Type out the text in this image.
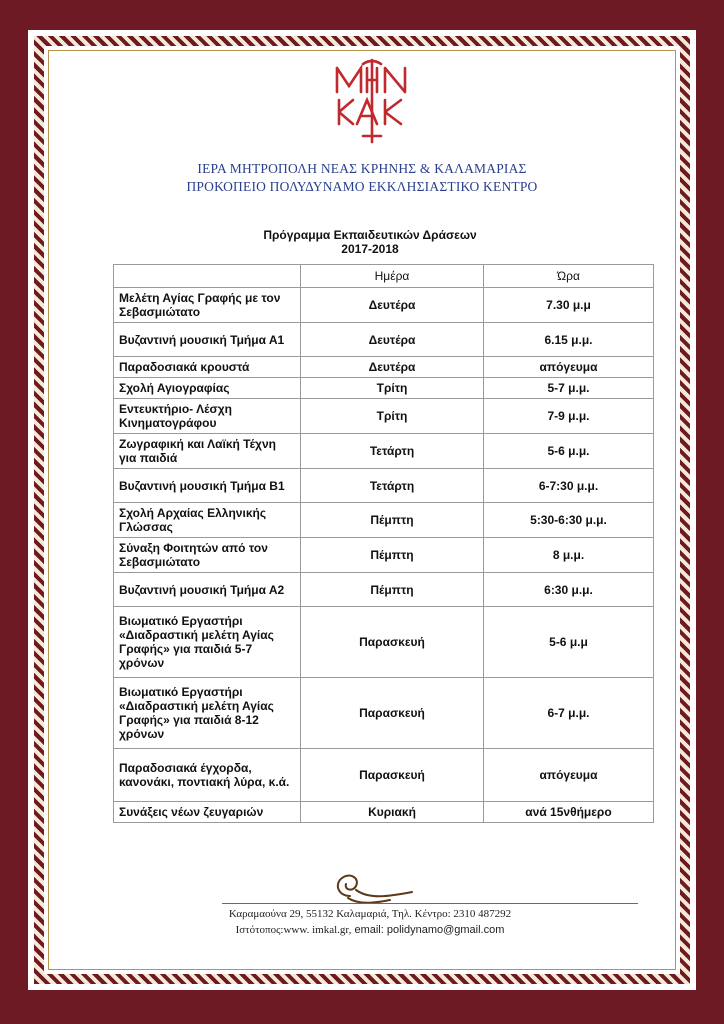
ΙΕΡΑ ΜΗΤΡΟΠΟΛΗ ΝΕΑΣ ΚΡΗΝΗΣ & ΚΑΛΑΜΑΡΙΑΣ
ΠΡΟΚΟΠΕΙΟ ΠΟΛΥΔΥΝΑΜΟ ΕΚΚΛΗΣΙΑΣΤΙΚΟ ΚΕΝΤΡΟ
Πρόγραμμα Εκπαιδευτικών Δράσεων
2017-2018
	Ημέρα	Ώρα
Μελέτη Αγίας Γραφής με τον Σεβασμιώτατο	Δευτέρα	7.30 μ.μ
Βυζαντινή μουσική Τμήμα Α1	Δευτέρα	6.15 μ.μ.
Παραδοσιακά κρουστά	Δευτέρα	απόγευμα
Σχολή Αγιογραφίας	Τρίτη	5-7 μ.μ.
Εντευκτήριο- Λέσχη Κινηματογράφου	Τρίτη	7-9 μ.μ.
Ζωγραφική και Λαϊκή Τέχνη για παιδιά	Τετάρτη	5-6 μ.μ.
Βυζαντινή μουσική Τμήμα Β1	Τετάρτη	6-7:30 μ.μ.
Σχολή Αρχαίας Ελληνικής Γλώσσας	Πέμπτη	5:30-6:30 μ.μ.
Σύναξη Φοιτητών από τον Σεβασμιώτατο	Πέμπτη	8 μ.μ.
Βυζαντινή μουσική Τμήμα Α2	Πέμπτη	6:30 μ.μ.
Βιωματικό Εργαστήρι «Διαδραστική μελέτη Αγίας Γραφής» για παιδιά 5-7 χρόνων	Παρασκευή	5-6 μ.μ
Βιωματικό Εργαστήρι «Διαδραστική μελέτη Αγίας Γραφής» για παιδιά 8-12 χρόνων	Παρασκευή	6-7 μ.μ.
Παραδοσιακά έγχορδα, κανονάκι, ποντιακή λύρα, κ.ά.	Παρασκευή	απόγευμα
Συνάξεις νέων ζευγαριών	Κυριακή	ανά 15νθήμερο
Καραμαούνα 29, 55132 Καλαμαριά, Τηλ. Κέντρο: 2310 487292
Ιστότοπος:www. imkal.gr, email: polidynamo@gmail.com
